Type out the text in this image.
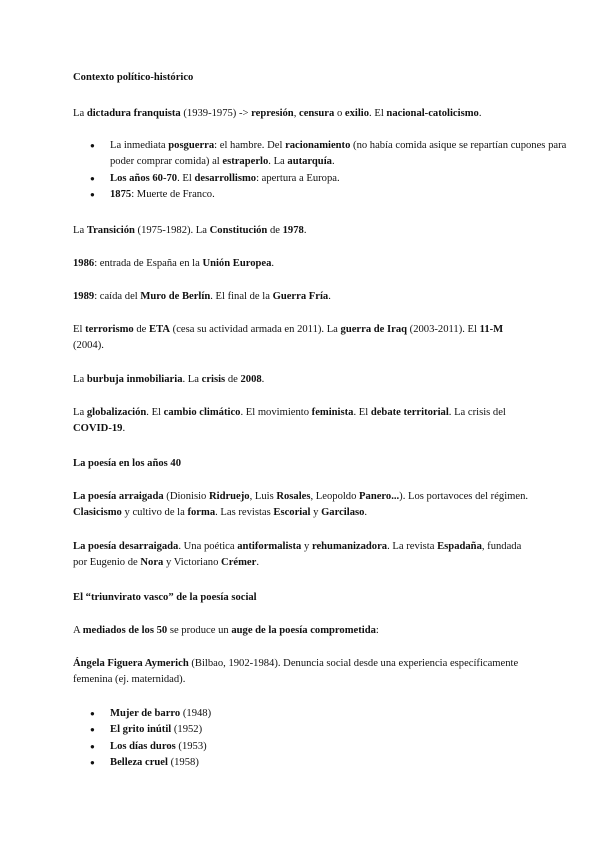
Contexto político-histórico

La dictadura franquista (1939-1975) -> represión, censura o exilio. El nacional-catolicismo.

● La inmediata posguerra: el hambre. Del racionamiento (no había comida asique se repartían cupones para poder comprar comida) al estraperlo. La autarquía.
● Los años 60-70. El desarrollismo: apertura a Europa.
● 1875: Muerte de Franco.

La Transición (1975-1982). La Constitución de 1978.

1986: entrada de España en la Unión Europea.

1989: caída del Muro de Berlín. El final de la Guerra Fría.

El terrorismo de ETA (cesa su actividad armada en 2011). La guerra de Iraq (2003-2011). El 11-M (2004).

La burbuja inmobiliaria. La crisis de 2008.

La globalización. El cambio climático. El movimiento feminista. El debate territorial. La crisis del COVID-19.

La poesía en los años 40

La poesía arraigada (Dionisio Ridruejo, Luis Rosales, Leopoldo Panero...). Los portavoces del régimen. Clasicismo y cultivo de la forma. Las revistas Escorial y Garcilaso.

La poesía desarraigada. Una poética antiformalista y rehumanizadora. La revista Espadaña, fundada por Eugenio de Nora y Victoriano Crémer.

El “triunvirato vasco” de la poesía social

A mediados de los 50 se produce un auge de la poesía comprometida:

Ángela Figuera Aymerich (Bilbao, 1902-1984). Denuncia social desde una experiencia específicamente femenina (ej. maternidad).

● Mujer de barro (1948)
● El grito inútil (1952)
● Los días duros (1953)
● Belleza cruel (1958)
